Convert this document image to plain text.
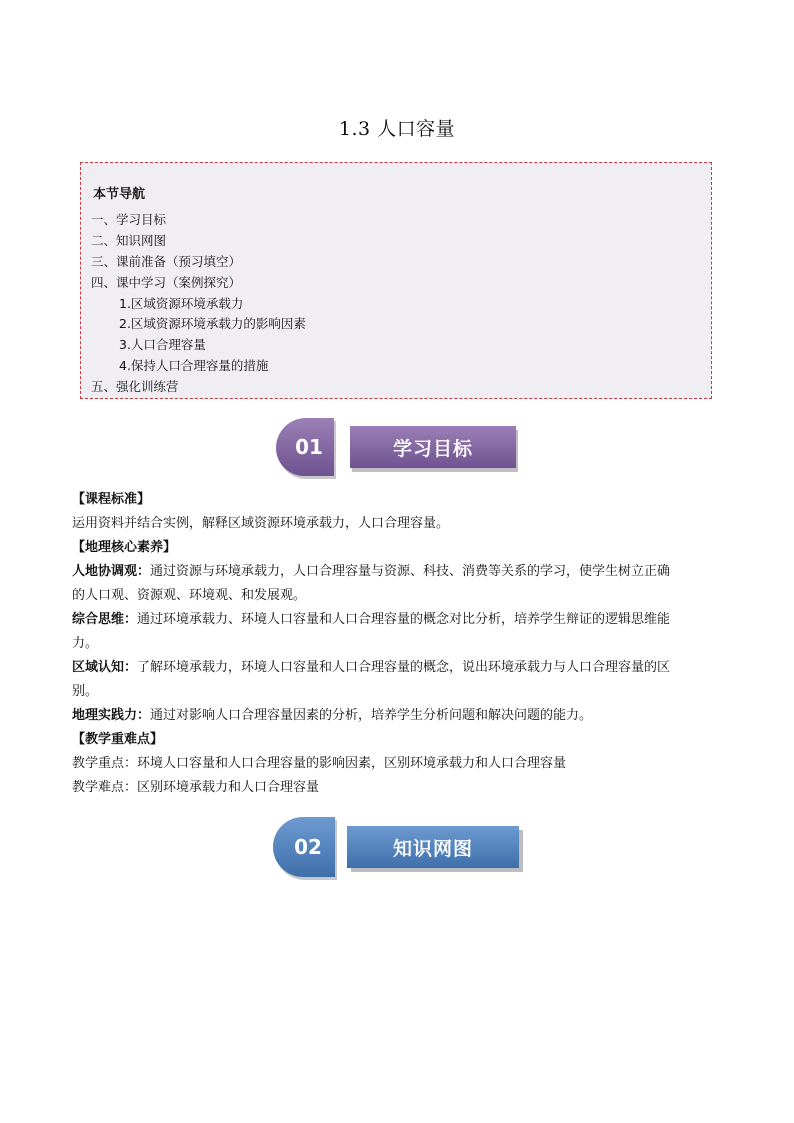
1.3 人口容量
本节导航
一、学习目标
二、知识网图
三、课前准备（预习填空）
四、课中学习（案例探究）
1.区域资源环境承载力
2.区域资源环境承载力的影响因素
3.人口合理容量
4.保持人口合理容量的措施
五、强化训练营
01	学习目标

【课程标准】

运用资料并结合实例，解释区域资源环境承载力，人口合理容量。

【地理核心素养】

人地协调观：通过资源与环境承载力，人口合理容量与资源、科技、消费等关系的学习，使学生树立正确

的人口观、资源观、环境观、和发展观。

综合思维：通过环境承载力、环境人口容量和人口合理容量的概念对比分析，培养学生辩证的逻辑思维能

力。

区域认知：了解环境承载力，环境人口容量和人口合理容量的概念，说出环境承载力与人口合理容量的区

别。

地理实践力：通过对影响人口合理容量因素的分析，培养学生分析问题和解决问题的能力。

【教学重难点】

教学重点：环境人口容量和人口合理容量的影响因素，区别环境承载力和人口合理容量

教学难点：区别环境承载力和人口合理容量

02	知识网图
